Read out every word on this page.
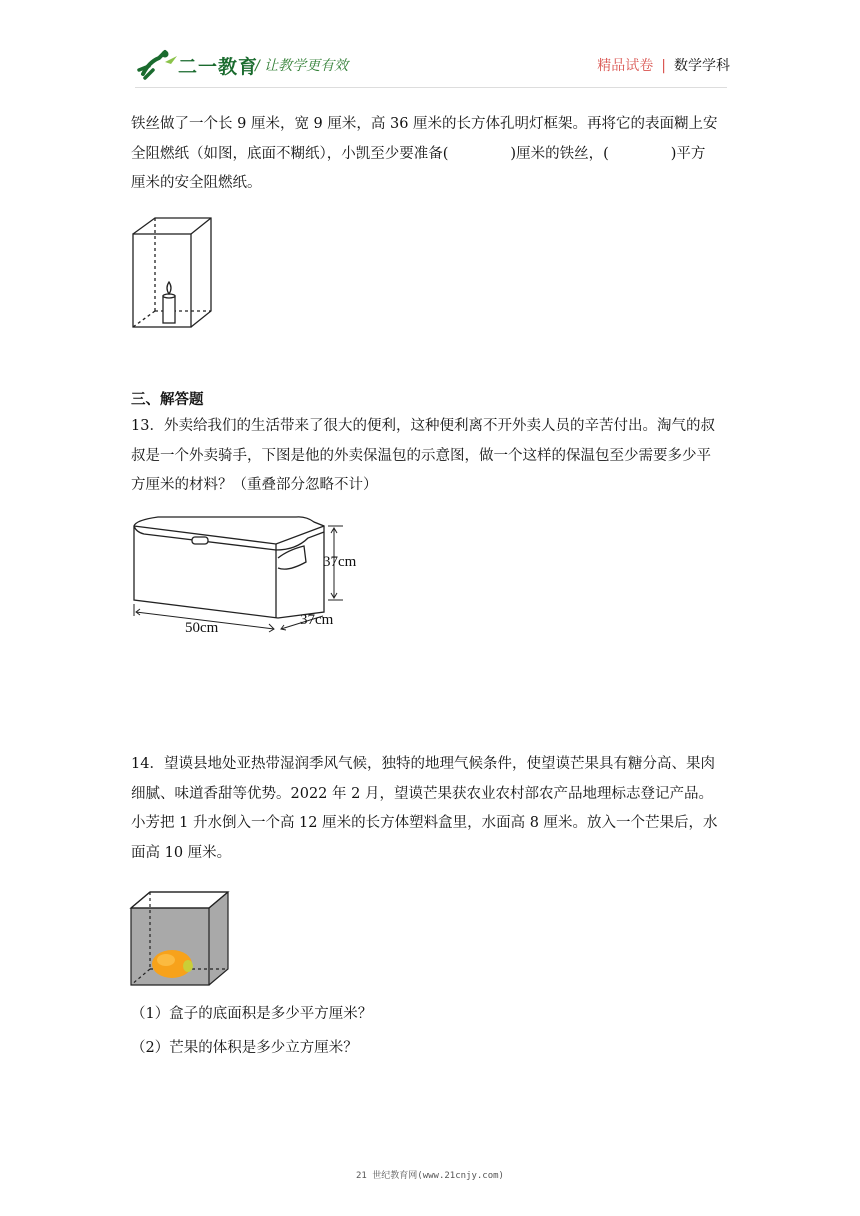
二一教育
/ 让教学更有效	精品试卷 | 数学学科
铁丝做了一个长 9 厘米，宽 9 厘米，高 36 厘米的长方体孔明灯框架。再将它的表面糊上安
全阻燃纸（如图，底面不糊纸），小凯至少要准备(	)厘米的铁丝，(	)平方
厘米的安全阻燃纸。
三、解答题
13．外卖给我们的生活带来了很大的便利，这种便利离不开外卖人员的辛苦付出。淘气的叔
叔是一个外卖骑手，下图是他的外卖保温包的示意图，做一个这样的保温包至少需要多少平
方厘米的材料？（重叠部分忽略不计）
37cm
50cm	37cm
14．望谟县地处亚热带湿润季风气候，独特的地理气候条件，使望谟芒果具有糖分高、果肉
细腻、味道香甜等优势。2022 年 2 月，望谟芒果获农业农村部农产品地理标志登记产品。
小芳把 1 升水倒入一个高 12 厘米的长方体塑料盒里，水面高 8 厘米。放入一个芒果后，水
面高 10 厘米。
（1）盒子的底面积是多少平方厘米？
（2）芒果的体积是多少立方厘米？
21 世纪教育网(www.21cnjy.com)
